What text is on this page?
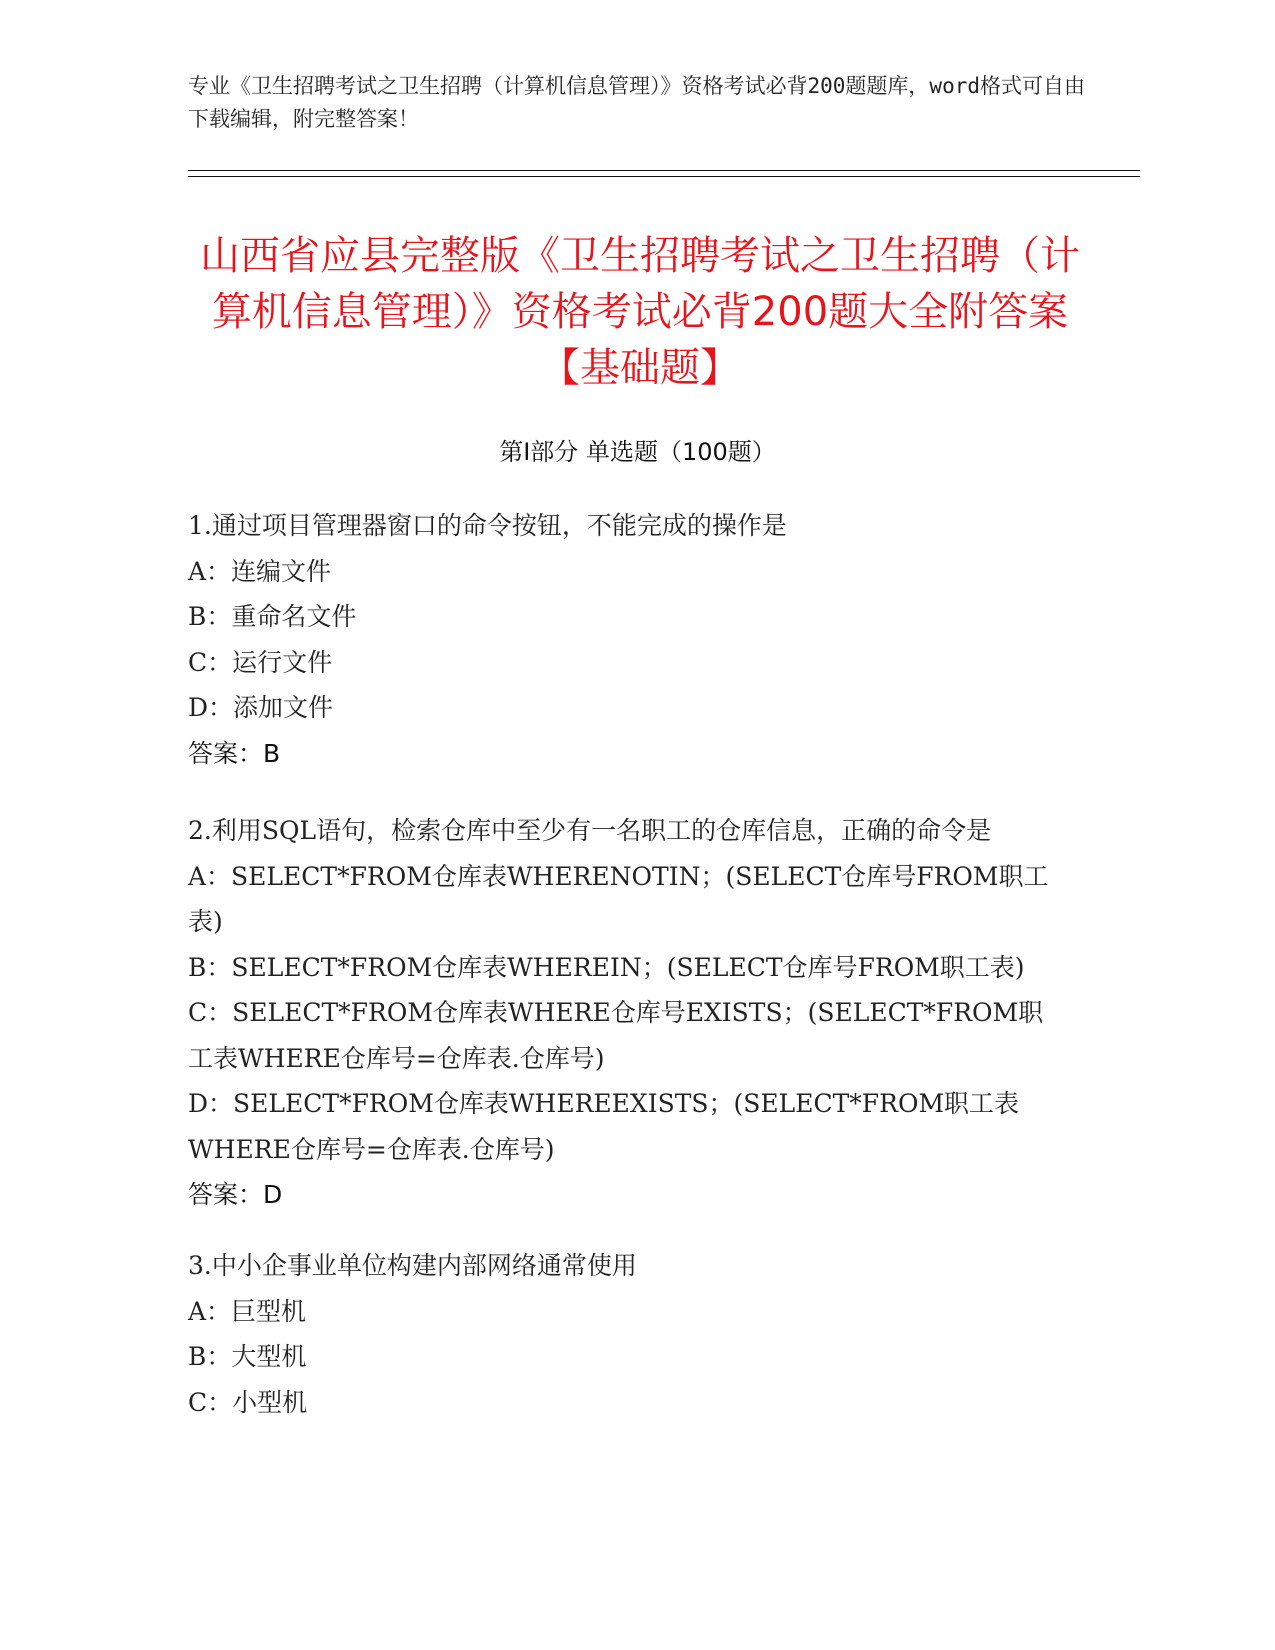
专业《卫生招聘考试之卫生招聘（计算机信息管理）》资格考试必背200题题库，word格式可自由下载编辑，附完整答案！
山西省应县完整版《卫生招聘考试之卫生招聘（计算机信息管理）》资格考试必背200题大全附答案【基础题】
第Ⅰ部分 单选题（100题）
1.通过项目管理器窗口的命令按钮，不能完成的操作是
A：连编文件
B：重命名文件
C：运行文件
D：添加文件
答案：B
2.利用SQL语句，检索仓库中至少有一名职工的仓库信息，正确的命令是
A：SELECT*FROM仓库表WHERENOTIN；(SELECT仓库号FROM职工表)
B：SELECT*FROM仓库表WHEREIN；(SELECT仓库号FROM职工表)
C：SELECT*FROM仓库表WHERE仓库号EXISTS；(SELECT*FROM职工表WHERE仓库号=仓库表.仓库号)
D：SELECT*FROM仓库表WHEREEXISTS；(SELECT*FROM职工表WHERE仓库号=仓库表.仓库号)
答案：D
3.中小企事业单位构建内部网络通常使用
A：巨型机
B：大型机
C：小型机
